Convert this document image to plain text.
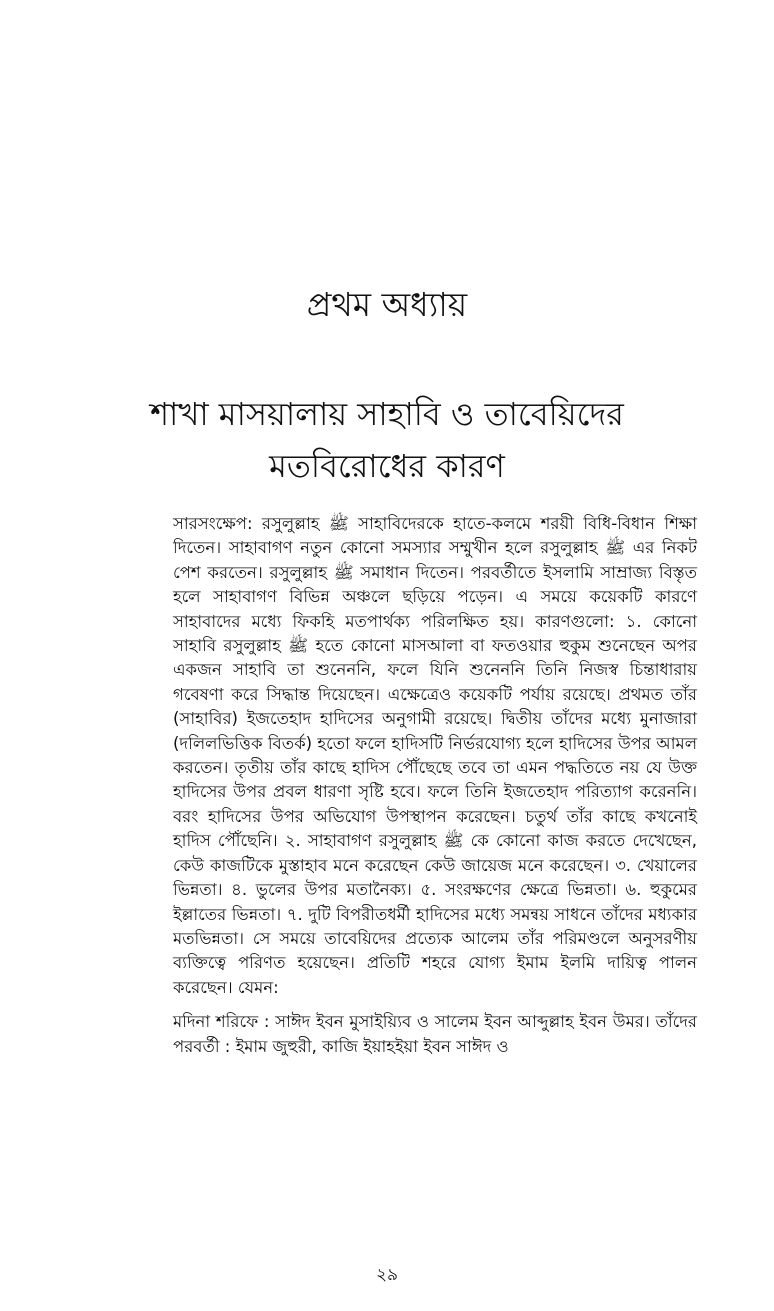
প্রথম অধ্যায়
শাখা মাসয়ালায় সাহাবি ও তাবেয়িদের
মতবিরোধের কারণ

সারসংক্ষেপ: রসুলুল্লাহ ﷺ সাহাবিদেরকে হাতে-কলমে শরয়ী বিধি-বিধান শিক্ষা দিতেন। সাহাবাগণ নতুন কোনো সমস্যার সম্মুখীন হলে রসুলুল্লাহ ﷺ এর নিকট পেশ করতেন। রসুলুল্লাহ ﷺ সমাধান দিতেন। পরবর্তীতে ইসলামি সাম্রাজ্য বিস্তৃত হলে সাহাবাগণ বিভিন্ন অঞ্চলে ছড়িয়ে পড়েন। এ সময়ে কয়েকটি কারণে সাহাবাদের মধ্যে ফিকহি মতপার্থক্য পরিলক্ষিত হয়। কারণগুলো: ১. কোনো সাহাবি রসুলুল্লাহ ﷺ হতে কোনো মাসআলা বা ফতওয়ার হুকুম শুনেছেন অপর একজন সাহাবি তা শুনেননি, ফলে যিনি শুনেননি তিনি নিজস্ব চিন্তাধারায় গবেষণা করে সিদ্ধান্ত দিয়েছেন। এক্ষেত্রেও কয়েকটি পর্যায় রয়েছে। প্রথমত তাঁর (সাহাবির) ইজতেহাদ হাদিসের অনুগামী রয়েছে। দ্বিতীয় তাঁদের মধ্যে মুনাজারা (দলিলভিত্তিক বিতর্ক) হতো ফলে হাদিসটি নির্ভরযোগ্য হলে হাদিসের উপর আমল করতেন। তৃতীয় তাঁর কাছে হাদিস পৌঁছেছে তবে তা এমন পদ্ধতিতে নয় যে উক্ত হাদিসের উপর প্রবল ধারণা সৃষ্টি হবে। ফলে তিনি ইজতেহাদ পরিত্যাগ করেননি। বরং হাদিসের উপর অভিযোগ উপস্থাপন করেছেন। চতুর্থ তাঁর কাছে কখনোই হাদিস পৌঁছেনি। ২. সাহাবাগণ রসুলুল্লাহ ﷺ কে কোনো কাজ করতে দেখেছেন, কেউ কাজটিকে মুস্তাহাব মনে করেছেন কেউ জায়েজ মনে করেছেন। ৩. খেয়ালের ভিন্নতা। ৪. ভুলের উপর মতানৈক্য। ৫. সংরক্ষণের ক্ষেত্রে ভিন্নতা। ৬. হুকুমের ইল্লাতের ভিন্নতা। ৭. দুটি বিপরীতধর্মী হাদিসের মধ্যে সমন্বয় সাধনে তাঁদের মধ্যকার মতভিন্নতা। সে সময়ে তাবেয়িদের প্রত্যেক আলেম তাঁর পরিমণ্ডলে অনুসরণীয় ব্যক্তিত্বে পরিণত হয়েছেন। প্রতিটি শহরে যোগ্য ইমাম ইলমি দায়িত্ব পালন করেছেন। যেমন:

মদিনা শরিফে : সাঈদ ইবন মুসাইয়্যিব ও সালেম ইবন আব্দুল্লাহ ইবন উমর। তাঁদের পরবর্তী : ইমাম জুহুরী, কাজি ইয়াহইয়া ইবন সাঈদ ও

২৯
